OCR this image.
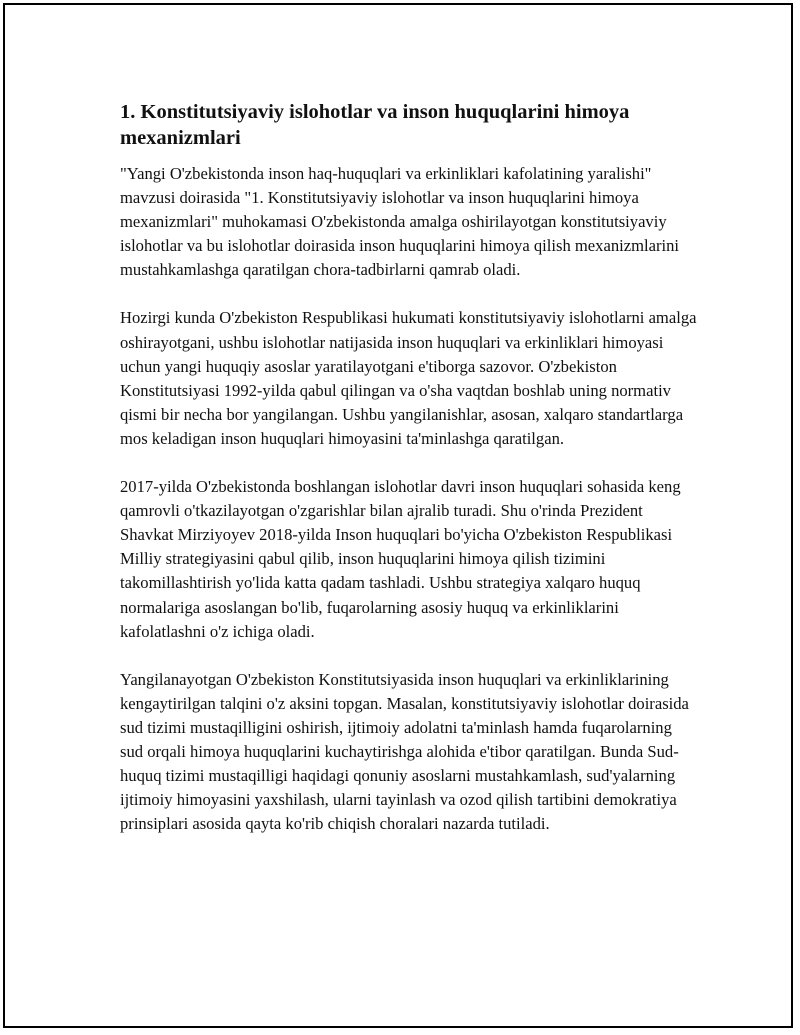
1. Konstitutsiyaviy islohotlar va inson huquqlarini himoya mexanizmlari

"Yangi O'zbekistonda inson haq-huquqlari va erkinliklari kafolatining yaralishi" mavzusi doirasida "1. Konstitutsiyaviy islohotlar va inson huquqlarini himoya mexanizmlari" muhokamasi O'zbekistonda amalga oshirilayotgan konstitutsiyaviy islohotlar va bu islohotlar doirasida inson huquqlarini himoya qilish mexanizmlarini mustahkamlashga qaratilgan chora-tadbirlarni qamrab oladi.

Hozirgi kunda O'zbekiston Respublikasi hukumati konstitutsiyaviy islohotlarni amalga oshirayotgani, ushbu islohotlar natijasida inson huquqlari va erkinliklari himoyasi uchun yangi huquqiy asoslar yaratilayotgani e'tiborga sazovor. O'zbekiston Konstitutsiyasi 1992-yilda qabul qilingan va o'sha vaqtdan boshlab uning normativ qismi bir necha bor yangilangan. Ushbu yangilanishlar, asosan, xalqaro standartlarga mos keladigan inson huquqlari himoyasini ta'minlashga qaratilgan.

2017-yilda O'zbekistonda boshlangan islohotlar davri inson huquqlari sohasida keng qamrovli o'tkazilayotgan o'zgarishlar bilan ajralib turadi. Shu o'rinda Prezident Shavkat Mirziyoyev 2018-yilda Inson huquqlari bo'yicha O'zbekiston Respublikasi Milliy strategiyasini qabul qilib, inson huquqlarini himoya qilish tizimini takomillashtirish yo'lida katta qadam tashladi. Ushbu strategiya xalqaro huquq normalariga asoslangan bo'lib, fuqarolarning asosiy huquq va erkinliklarini kafolatlashni o'z ichiga oladi.

Yangilanayotgan O'zbekiston Konstitutsiyasida inson huquqlari va erkinliklarining kengaytirilgan talqini o'z aksini topgan. Masalan, konstitutsiyaviy islohotlar doirasida sud tizimi mustaqilligini oshirish, ijtimoiy adolatni ta'minlash hamda fuqarolarning sud orqali himoya huquqlarini kuchaytirishga alohida e'tibor qaratilgan. Bunda Sud-huquq tizimi mustaqilligi haqidagi qonuniy asoslarni mustahkamlash, sud'yalarning ijtimoiy himoyasini yaxshilash, ularni tayinlash va ozod qilish tartibini demokratiya prinsiplari asosida qayta ko'rib chiqish choralari nazarda tutiladi.
